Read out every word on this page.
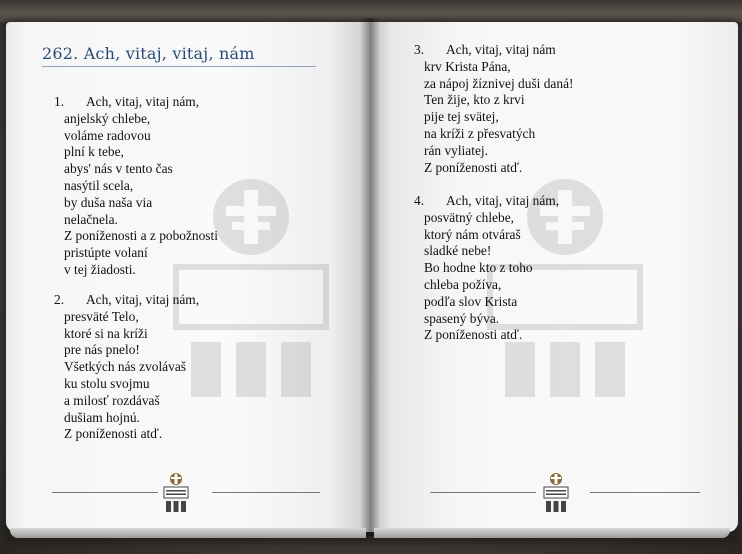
262. Ach, vitaj, vitaj, nám
1. Ach, vitaj, vitaj nám,
anjelský chlebe,
voláme radovou
plní k tebe,
abys' nás v tento čas
nasýtil scela,
by duša naša via
nelačnela.
Z poníženosti a z pobožnosti
pristúpte volaní
v tej žiadosti.
2. Ach, vitaj, vitaj nám,
presväté Telo,
ktoré si na kríži
pre nás pnelo!
Všetkých nás zvolávaš
ku stolu svojmu
a milosť rozdávaš
dušiam hojnú.
Z poníženosti atď.
3. Ach, vitaj, vitaj nám
krv Krista Pána,
za nápoj žíznivej duši daná!
Ten žije, kto z krvi
pije tej svätej,
na kríži z přesvatých
rán vyliatej.
Z poníženosti atď.
4. Ach, vitaj, vitaj nám,
posvätný chlebe,
ktorý nám otváraš
sladké nebe!
Bo hodne kto z toho
chleba požíva,
podľa slov Krista
spasený býva.
Z poníženosti atď.
